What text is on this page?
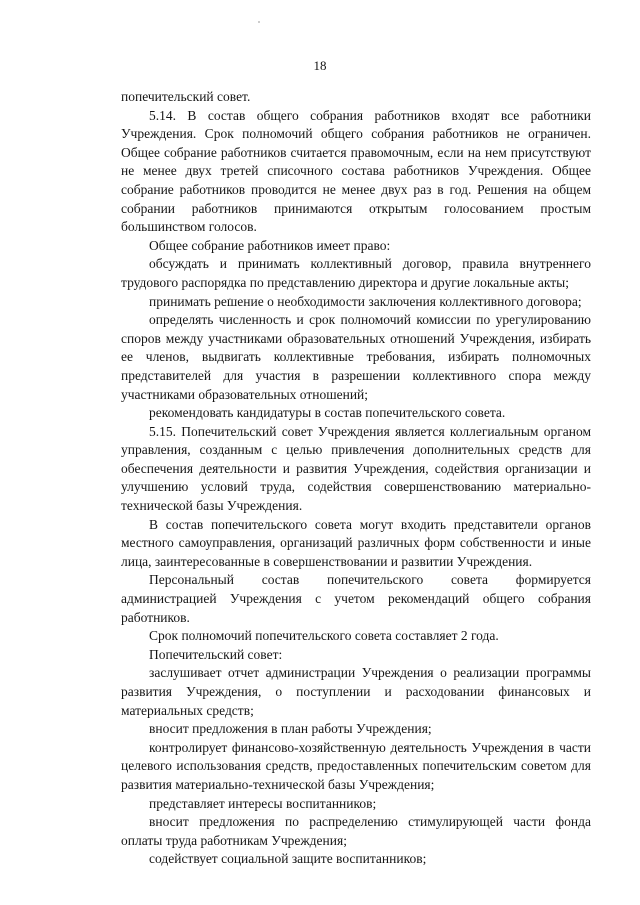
18

попечительский совет.

5.14. В состав общего собрания работников входят все работники Учреждения. Срок полномочий общего собрания работников не ограничен. Общее собрание работников считается правомочным, если на нем присутствуют не менее двух третей списочного состава работников Учреждения. Общее собрание работников проводится не менее двух раз в год. Решения на общем собрании работников принимаются открытым голосованием простым большинством голосов.

Общее собрание работников имеет право:

обсуждать и принимать коллективный договор, правила внутреннего трудового распорядка по представлению директора и другие локальные акты;

принимать решение о необходимости заключения коллективного договора;

определять численность и срок полномочий комиссии по урегулированию споров между участниками образовательных отношений Учреждения, избирать ее членов, выдвигать коллективные требования, избирать полномочных представителей для участия в разрешении коллективного спора между участниками образовательных отношений;

рекомендовать кандидатуры в состав попечительского совета.

5.15. Попечительский совет Учреждения является коллегиальным органом управления, созданным с целью привлечения дополнительных средств для обеспечения деятельности и развития Учреждения, содействия организации и улучшению условий труда, содействия совершенствованию материально-технической базы Учреждения.

В состав попечительского совета могут входить представители органов местного самоуправления, организаций различных форм собственности и иные лица, заинтересованные в совершенствовании и развитии Учреждения.

Персональный состав попечительского совета формируется администрацией Учреждения с учетом рекомендаций общего собрания работников.

Срок полномочий попечительского совета составляет 2 года.

Попечительский совет:

заслушивает отчет администрации Учреждения о реализации программы развития Учреждения, о поступлении и расходовании финансовых и материальных средств;

вносит предложения в план работы Учреждения;

контролирует финансово-хозяйственную деятельность Учреждения в части целевого использования средств, предоставленных попечительским советом для развития материально-технической базы Учреждения;

представляет интересы воспитанников;

вносит предложения по распределению стимулирующей части фонда оплаты труда работникам Учреждения;

содействует социальной защите воспитанников;
